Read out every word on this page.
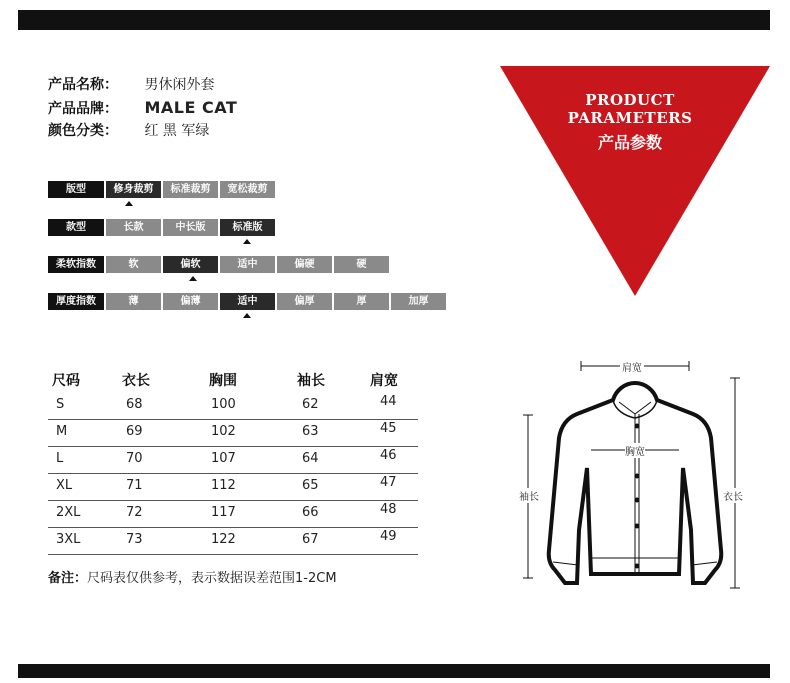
产品名称： 男休闲外套
产品品牌： MALE CAT
颜色分类： 红 黑 军绿
版型	修身裁剪	标准裁剪	宽松裁剪
款型	长款	中长版	标准版
柔软指数	软	偏软	适中	偏硬	硬
厚度指数	薄	偏薄	适中	偏厚	厚	加厚
PRODUCT
PARAMETERS
产品参数
尺码	衣长	胸围	袖长	肩宽
S	68	100	62	44
M	69	102	63	45
L	70	107	64	46
XL	71	112	65	47
2XL	72	117	66	48
3XL	73	122	67	49
备注：尺码表仅供参考，表示数据误差范围1-2CM
肩宽
胸宽
袖长	衣长
